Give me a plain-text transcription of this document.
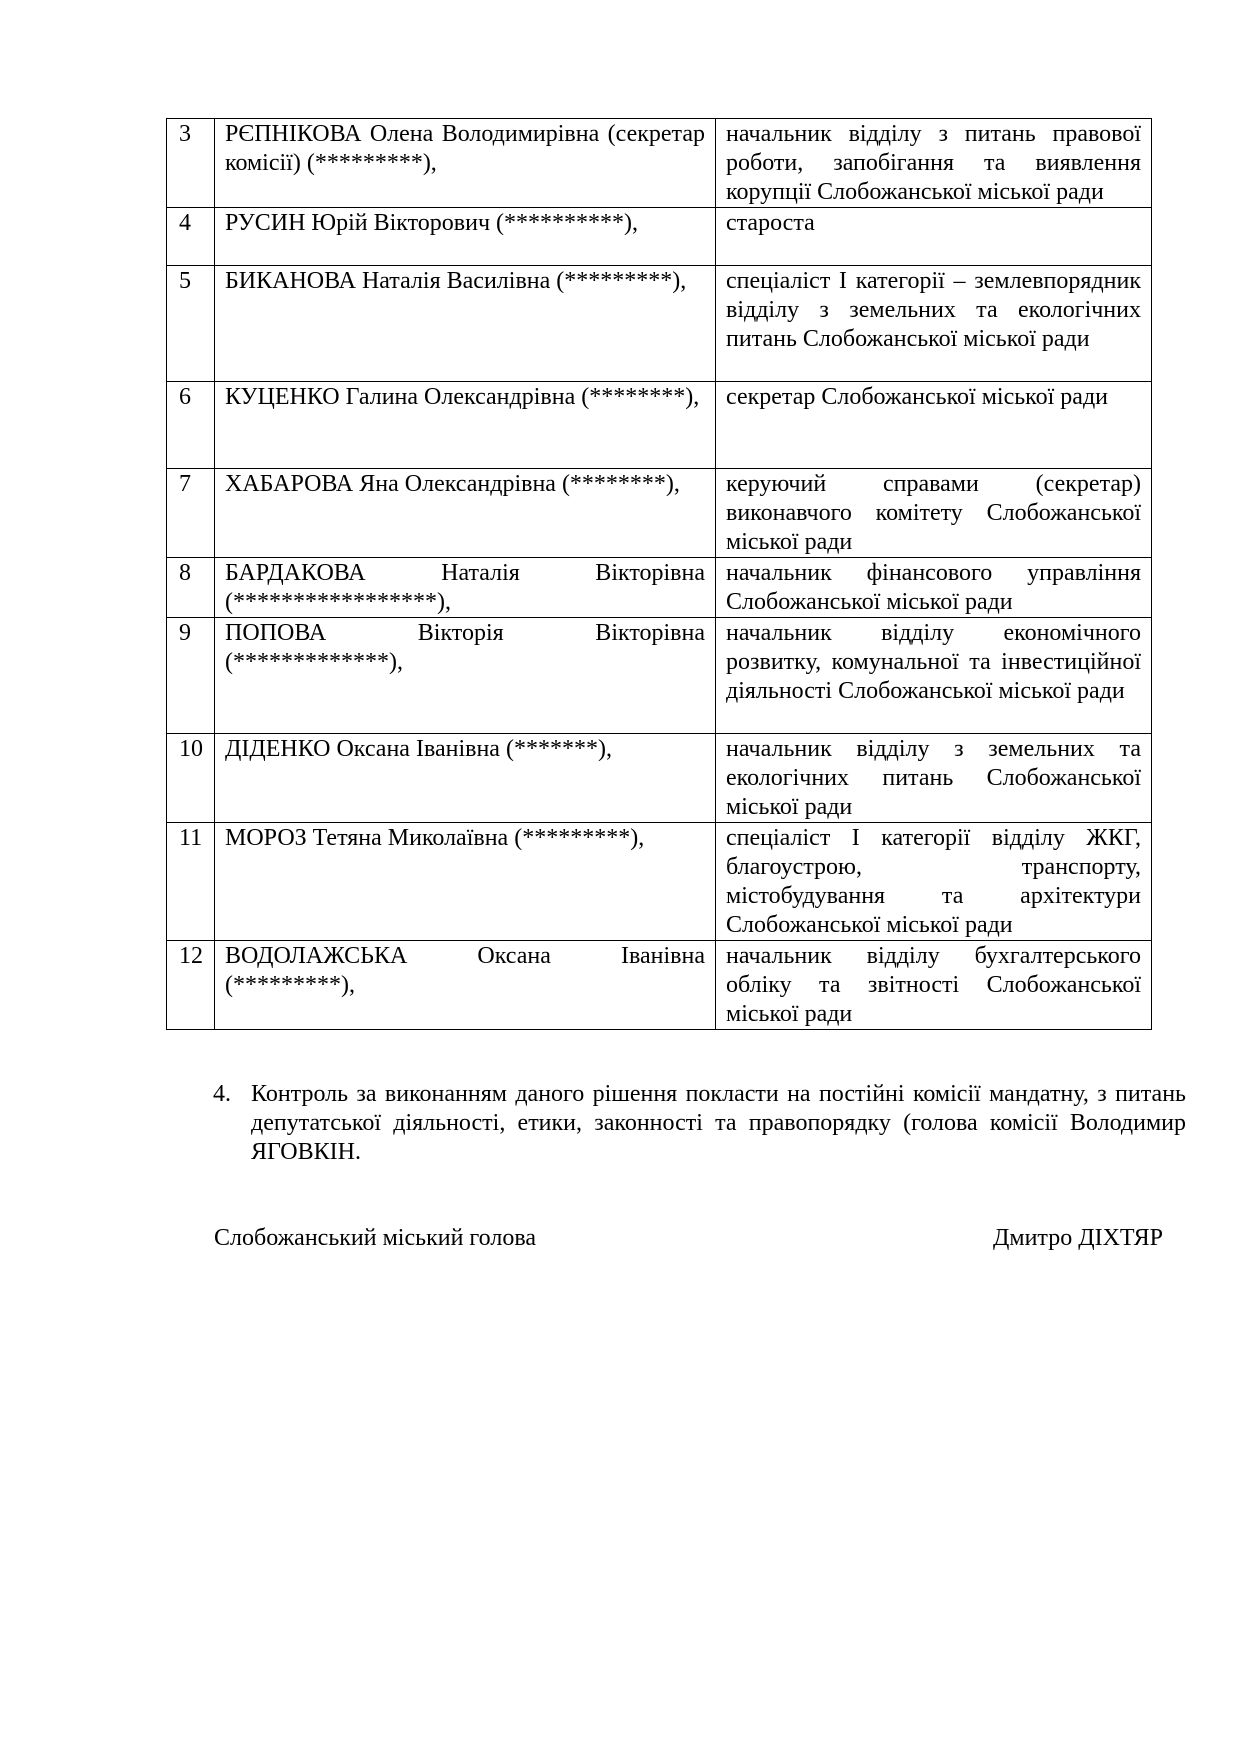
3	РЄПНІКОВА Олена Володимирівна (секретар комісії) (*********),	начальник відділу з питань правової роботи, запобігання та виявлення корупції Слобожанської міської ради
4	РУСИН Юрій Вікторович (**********),	староста
5	БИКАНОВА Наталія Василівна (*********),	спеціаліст І категорії – землевпорядник відділу з земельних та екологічних питань Слобожанської міської ради
6	КУЦЕНКО Галина Олександрівна (********),	секретар Слобожанської міської ради
7	ХАБАРОВА Яна Олександрівна (********),	керуючий справами (секретар) виконавчого комітету Слобожанської міської ради
8	БАРДАКОВА Наталія Вікторівна (*****************),	начальник фінансового управління Слобожанської міської ради
9	ПОПОВА Вікторія Вікторівна (*************),	начальник відділу економічного розвитку, комунальної та інвестиційної діяльності Слобожанської міської ради
10	ДІДЕНКО Оксана Іванівна (*******),	начальник відділу з земельних та екологічних питань Слобожанської міської ради
11	МОРОЗ Тетяна Миколаївна (*********),	спеціаліст І категорії відділу ЖКГ, благоустрою, транспорту, містобудування та архітектури Слобожанської міської ради
12	ВОДОЛАЖСЬКА Оксана Іванівна (*********),	начальник відділу бухгалтерського обліку та звітності Слобожанської міської ради
4. Контроль за виконанням даного рішення покласти на постійні комісії мандатну, з питань депутатської діяльності, етики, законності та правопорядку (голова комісії Володимир ЯГОВКІН.
Слобожанський міський голова	Дмитро ДІХТЯР
